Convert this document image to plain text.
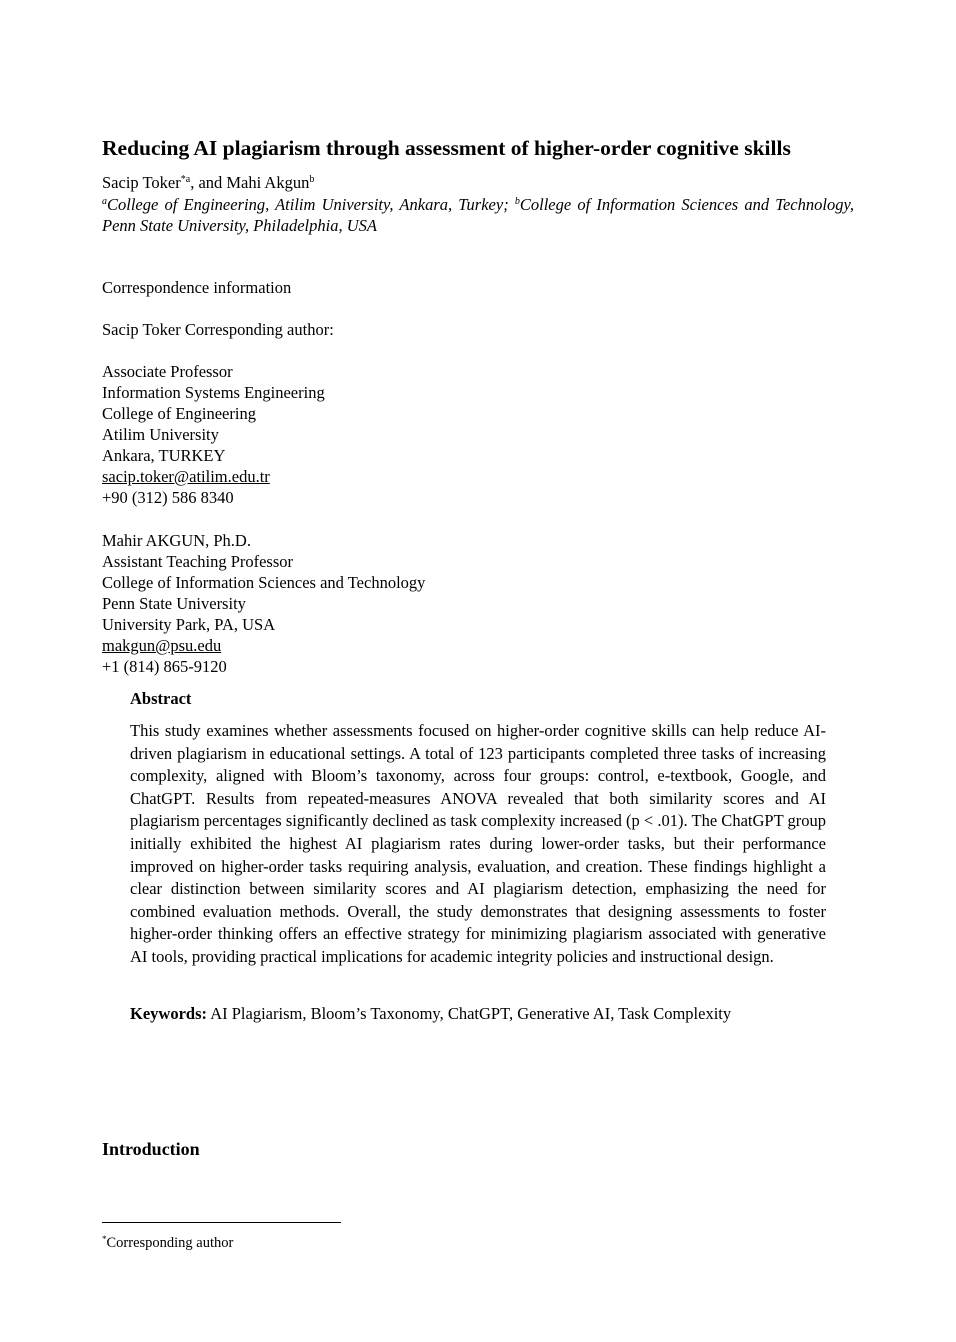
Reducing AI plagiarism through assessment of higher-order cognitive skills
Sacip Toker$^{*a}$, and Mahi Akgun$^b$
$^a$College of Engineering, Atilim University, Ankara, Turkey; $^b$College of Information Sciences and Technology, Penn State University, Philadelphia, USA
Correspondence information
Sacip Toker Corresponding author:
Associate Professor
Information Systems Engineering
College of Engineering
Atilim University
Ankara, TURKEY
sacip.toker@atilim.edu.tr
+90 (312) 586 8340
Mahir AKGUN, Ph.D.
Assistant Teaching Professor
College of Information Sciences and Technology
Penn State University
University Park, PA, USA
makgun@psu.edu
+1 (814) 865-9120
Abstract
This study examines whether assessments focused on higher-order cognitive skills can help reduce AI-driven plagiarism in educational settings. A total of 123 participants completed three tasks of increasing complexity, aligned with Bloom’s taxonomy, across four groups: control, e-textbook, Google, and ChatGPT. Results from repeated-measures ANOVA revealed that both similarity scores and AI plagiarism percentages significantly declined as task complexity increased (p < .01). The ChatGPT group initially exhibited the highest AI plagiarism rates during lower-order tasks, but their performance improved on higher-order tasks requiring analysis, evaluation, and creation. These findings highlight a clear distinction between similarity scores and AI plagiarism detection, emphasizing the need for combined evaluation methods. Overall, the study demonstrates that designing assessments to foster higher-order thinking offers an effective strategy for minimizing plagiarism associated with generative AI tools, providing practical implications for academic integrity policies and instructional design.
Keywords: AI Plagiarism, Bloom’s Taxonomy, ChatGPT, Generative AI, Task Complexity
Introduction
*Corresponding author
